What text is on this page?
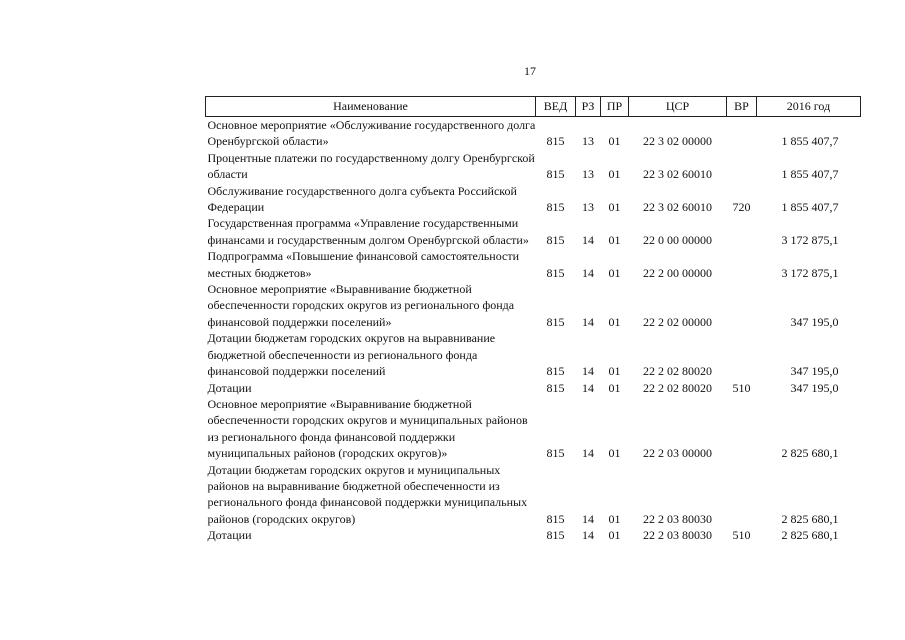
17
Наименование	ВЕД	РЗ	ПР	ЦСР	ВР	2016 год
Основное мероприятие «Обслуживание государственного долга Оренбургской области»	815	13	01	22 3 02 00000		1 855 407,7
Процентные платежи по государственному долгу Оренбургской области	815	13	01	22 3 02 60010		1 855 407,7
Обслуживание государственного долга субъекта Российской Федерации	815	13	01	22 3 02 60010	720	1 855 407,7
Государственная программа «Управление государственными финансами и государственным долгом Оренбургской области»	815	14	01	22 0 00 00000		3 172 875,1
Подпрограмма «Повышение финансовой самостоятельности местных бюджетов»	815	14	01	22 2 00 00000		3 172 875,1
Основное мероприятие «Выравнивание бюджетной обеспеченности городских округов из регионального фонда финансовой поддержки поселений»	815	14	01	22 2 02 00000		347 195,0
Дотации бюджетам городских округов на выравнивание бюджетной обеспеченности из регионального фонда финансовой поддержки поселений	815	14	01	22 2 02 80020		347 195,0
Дотации	815	14	01	22 2 02 80020	510	347 195,0
Основное мероприятие «Выравнивание бюджетной обеспеченности городских округов и муниципальных районов из регионального фонда финансовой поддержки муниципальных районов (городских округов)»	815	14	01	22 2 03 00000		2 825 680,1
Дотации бюджетам городских округов и муниципальных районов на выравнивание бюджетной обеспеченности из регионального фонда финансовой поддержки муниципальных районов (городских округов)	815	14	01	22 2 03 80030		2 825 680,1
Дотации	815	14	01	22 2 03 80030	510	2 825 680,1
